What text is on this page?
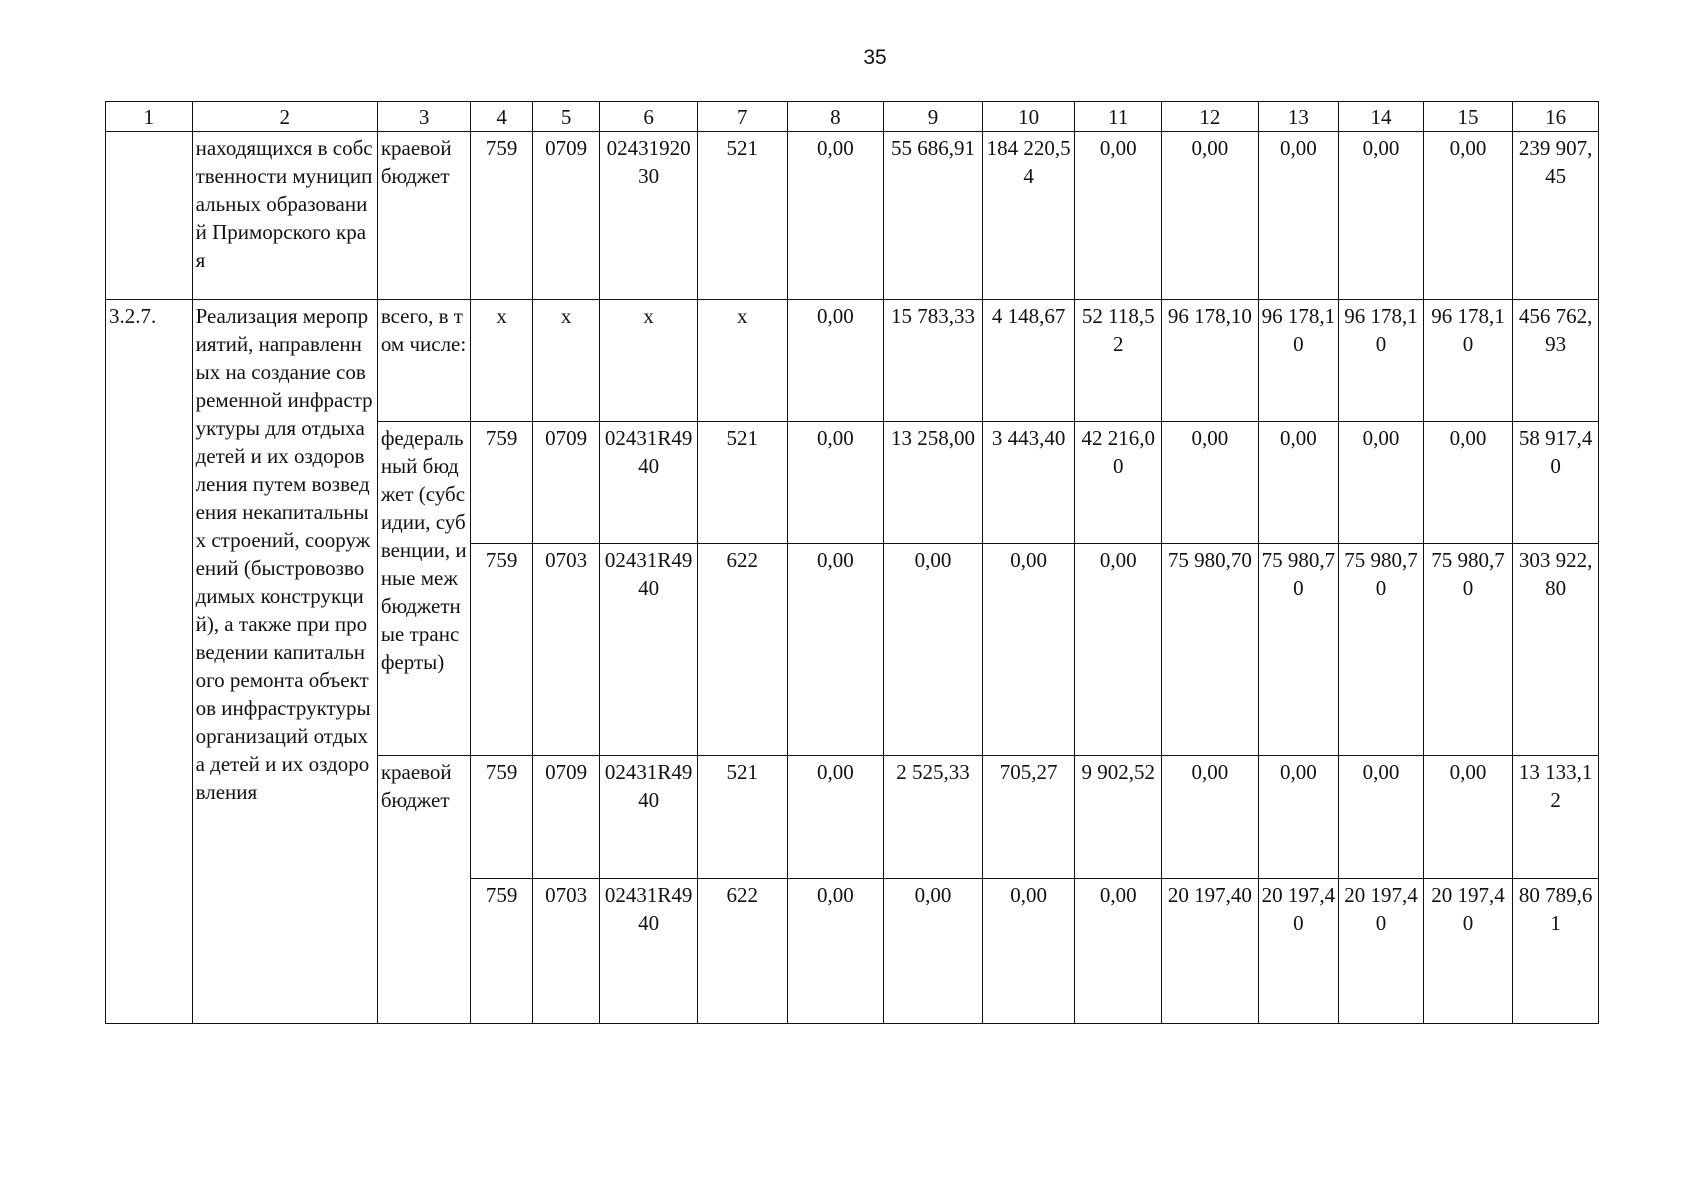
35
1	2	3	4	5	6	7	8	9	10	11	12	13	14	15	16
	находящихся в собственности муниципальных образований Приморского края	краевой бюджет	759	0709	0243192030	521	0,00	55 686,91	184 220,54	0,00	0,00	0,00	0,00	0,00	239 907,45
3.2.7.	Реализация мероприятий, направленных на создание современной инфраструктуры для отдыха детей и их оздоровления путем возведения некапитальных строений, сооружений (быстровозводимых конструкций), а также при проведении капитального ремонта объектов инфраструктуры организаций отдыха детей и их оздоровления	всего, в том числе:	x	x	x	x	0,00	15 783,33	4 148,67	52 118,52	96 178,10	96 178,10	96 178,10	96 178,10	456 762,93
		федеральный бюджет (субсидии, субвенции, иные межбюджетные трансферты)	759	0709	02431R4940	521	0,00	13 258,00	3 443,40	42 216,00	0,00	0,00	0,00	0,00	58 917,40
			759	0703	02431R4940	622	0,00	0,00	0,00	0,00	75 980,70	75 980,70	75 980,70	75 980,70	303 922,80
		краевой бюджет	759	0709	02431R4940	521	0,00	2 525,33	705,27	9 902,52	0,00	0,00	0,00	0,00	13 133,12
			759	0703	02431R4940	622	0,00	0,00	0,00	0,00	20 197,40	20 197,40	20 197,40	20 197,40	80 789,61
